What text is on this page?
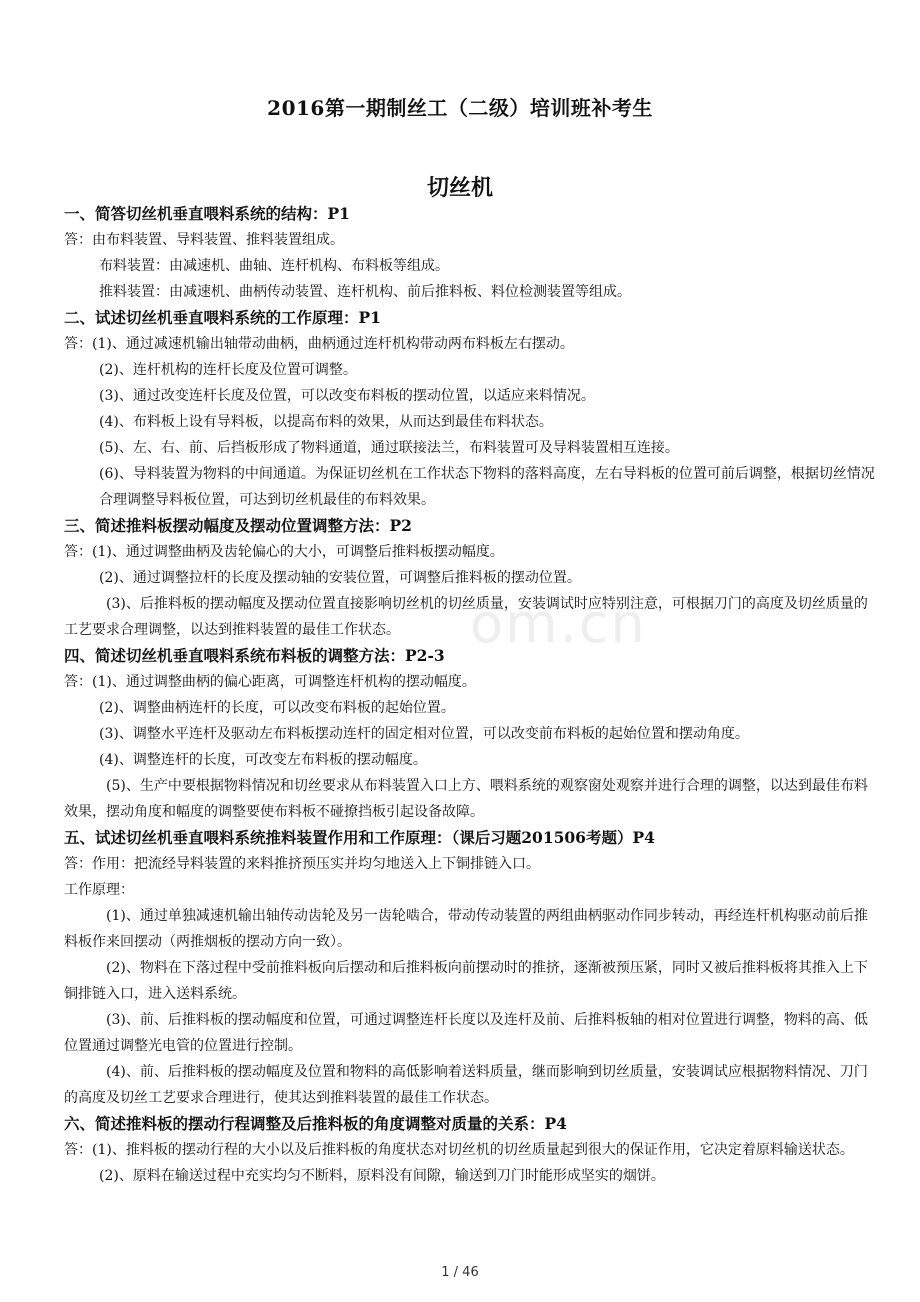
om.cn
2016第一期制丝工（二级）培训班补考生
切丝机

一、简答切丝机垂直喂料系统的结构：P1

答：由布料装置、导料装置、推料装置组成。

布料装置：由减速机、曲轴、连杆机构、布料板等组成。

推料装置：由减速机、曲柄传动装置、连杆机构、前后推料板、料位检测装置等组成。

二、试述切丝机垂直喂料系统的工作原理：P1

答：(1)、通过减速机输出轴带动曲柄，曲柄通过连杆机构带动两布料板左右摆动。

(2)、连杆机构的连杆长度及位置可调整。

(3)、通过改变连杆长度及位置，可以改变布料板的摆动位置，以适应来料情况。

(4)、布料板上设有导料板，以提高布料的效果，从而达到最佳布料状态。

(5)、左、右、前、后挡板形成了物料通道，通过联接法兰，布料装置可及导料装置相互连接。

(6)、导料装置为物料的中间通道。为保证切丝机在工作状态下物料的落料高度，左右导料板的位置可前后调整，根据切丝情况合理调整导料板位置，可达到切丝机最佳的布料效果。

三、简述推料板摆动幅度及摆动位置调整方法：P2

答：(1)、通过调整曲柄及齿轮偏心的大小，可调整后推料板摆动幅度。

(2)、通过调整拉杆的长度及摆动轴的安装位置，可调整后推料板的摆动位置。

(3)、后推料板的摆动幅度及摆动位置直接影响切丝机的切丝质量，安装调试时应特别注意，可根据刀门的高度及切丝质量的工艺要求合理调整，以达到推料装置的最佳工作状态。

四、简述切丝机垂直喂料系统布料板的调整方法：P2-3

答：(1)、通过调整曲柄的偏心距离，可调整连杆机构的摆动幅度。

(2)、调整曲柄连杆的长度，可以改变布料板的起始位置。

(3)、调整水平连杆及驱动左布料板摆动连杆的固定相对位置，可以改变前布料板的起始位置和摆动角度。

(4)、调整连杆的长度，可改变左布料板的摆动幅度。

(5)、生产中要根据物料情况和切丝要求从布料装置入口上方、喂料系统的观察窗处观察并进行合理的调整，以达到最佳布料效果，摆动角度和幅度的调整要使布料板不碰撩挡板引起设备故障。

五、试述切丝机垂直喂料系统推料装置作用和工作原理：（课后习题201506考题）P4

答：作用：把流经导料装置的来料推挤预压实并均匀地送入上下铜排链入口。

工作原理：

(1)、通过单独减速机输出轴传动齿轮及另一齿轮啮合，带动传动装置的两组曲柄驱动作同步转动，再经连杆机构驱动前后推料板作来回摆动（两推烟板的摆动方向一致）。

(2)、物料在下落过程中受前推料板向后摆动和后推料板向前摆动时的推挤，逐渐被预压紧，同时又被后推料板将其推入上下铜排链入口，进入送料系统。

(3)、前、后推料板的摆动幅度和位置，可通过调整连杆长度以及连杆及前、后推料板轴的相对位置进行调整，物料的高、低位置通过调整光电管的位置进行控制。

(4)、前、后推料板的摆动幅度及位置和物料的高低影响着送料质量，继而影响到切丝质量，安装调试应根据物料情况、刀门的高度及切丝工艺要求合理进行，使其达到推料装置的最佳工作状态。

六、简述推料板的摆动行程调整及后推料板的角度调整对质量的关系：P4

答：(1)、推料板的摆动行程的大小以及后推料板的角度状态对切丝机的切丝质量起到很大的保证作用，它决定着原料输送状态。

(2)、原料在输送过程中充实均匀不断料，原料没有间隙，输送到刀门时能形成坚实的烟饼。

1 / 46
